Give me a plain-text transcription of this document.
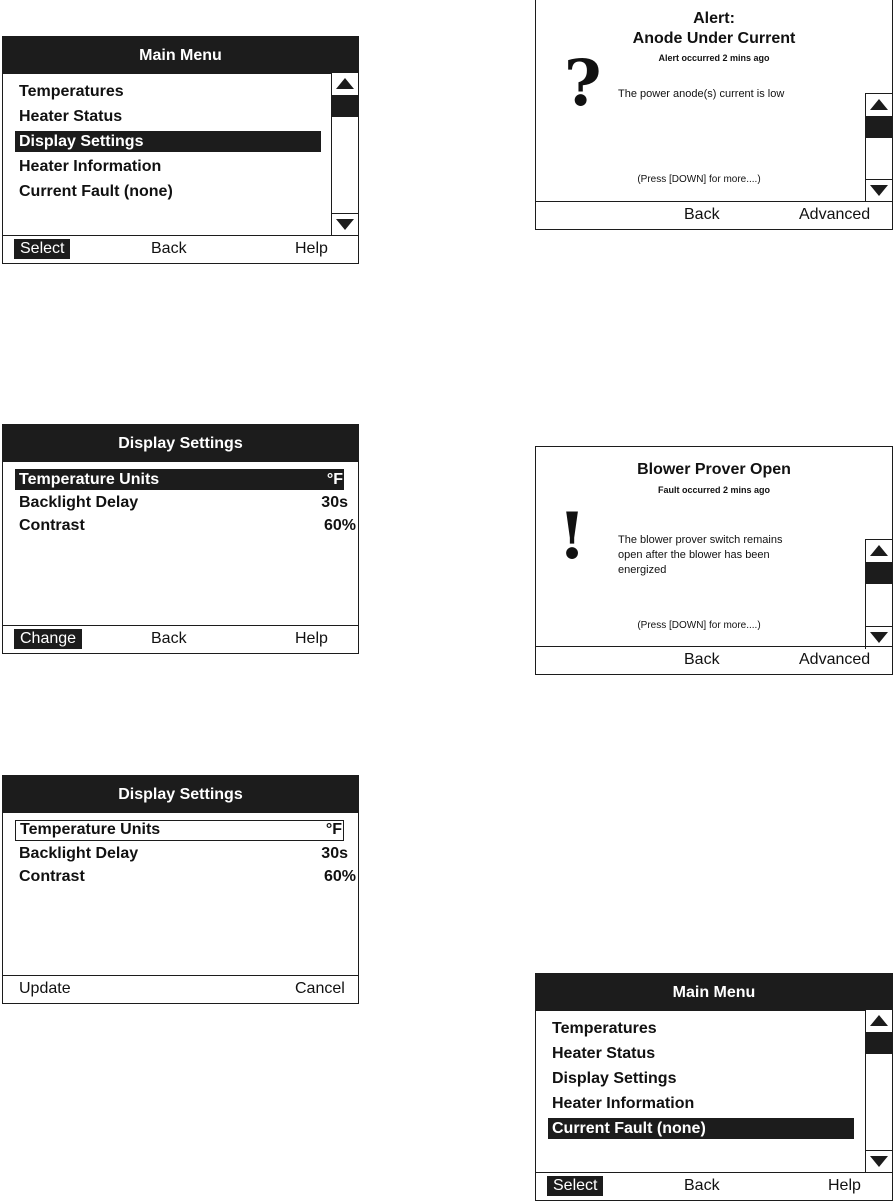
Main Menu
Temperatures
Heater Status
Display Settings
Heater Information
Current Fault (none)
Select	Back	Help
Display Settings
Temperature Units	°F
Backlight Delay	30s
Contrast	60%
Change	Back	Help
Display Settings
Temperature Units	°F
Backlight Delay	30s
Contrast	60%
Update	Cancel
Alert:
Anode Under Current
Alert occurred 2 mins ago
? The power anode(s) current is low
(Press [DOWN] for more....)
Back	Advanced
Blower Prover Open
Fault occurred 2 mins ago
!	The blower prover switch remains
open after the blower has been
energized
(Press [DOWN] for more....)
Back	Advanced
Main Menu
Temperatures
Heater Status
Display Settings
Heater Information
Current Fault (none)
Select	Back	Help
